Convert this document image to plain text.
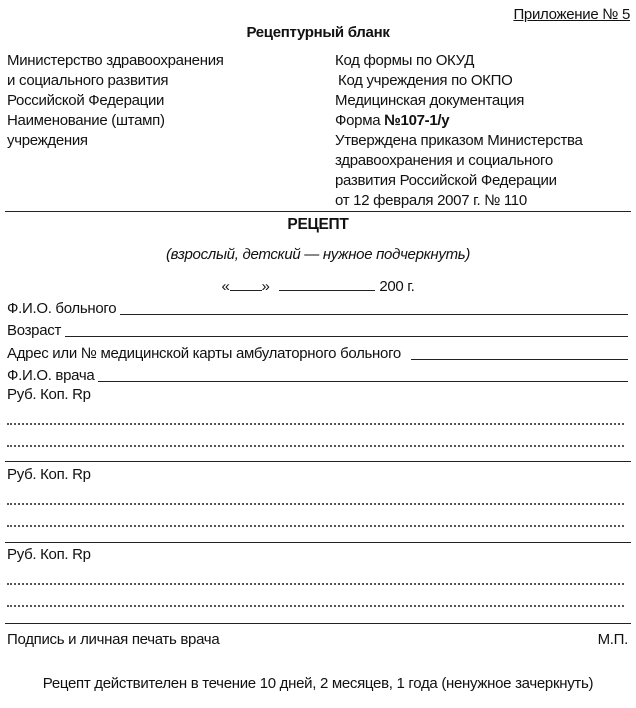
Приложение № 5
Рецептурный бланк
Министерство здравоохранения
и социального развития
Российской Федерации
Наименование (штамп)
учреждения
Код формы по ОКУД
Код учреждения по ОКПО
Медицинская документация
Форма №107-1/у
Утверждена приказом Министерства
здравоохранения и социального
развития Российской Федерации
от 12 февраля 2007 г. № 110
РЕЦЕПТ
(взрослый, детский — нужное подчеркнуть)
« »	200 г.
Ф.И.О. больного
Возраст
Адрес или № медицинской карты амбулаторного больного
Ф.И.О. врача
Руб. Коп. Rp
Руб. Коп. Rp
Руб. Коп. Rp
Подпись и личная печать врача	М.П.
Рецепт действителен в течение 10 дней, 2 месяцев, 1 года (ненужное зачеркнуть)
